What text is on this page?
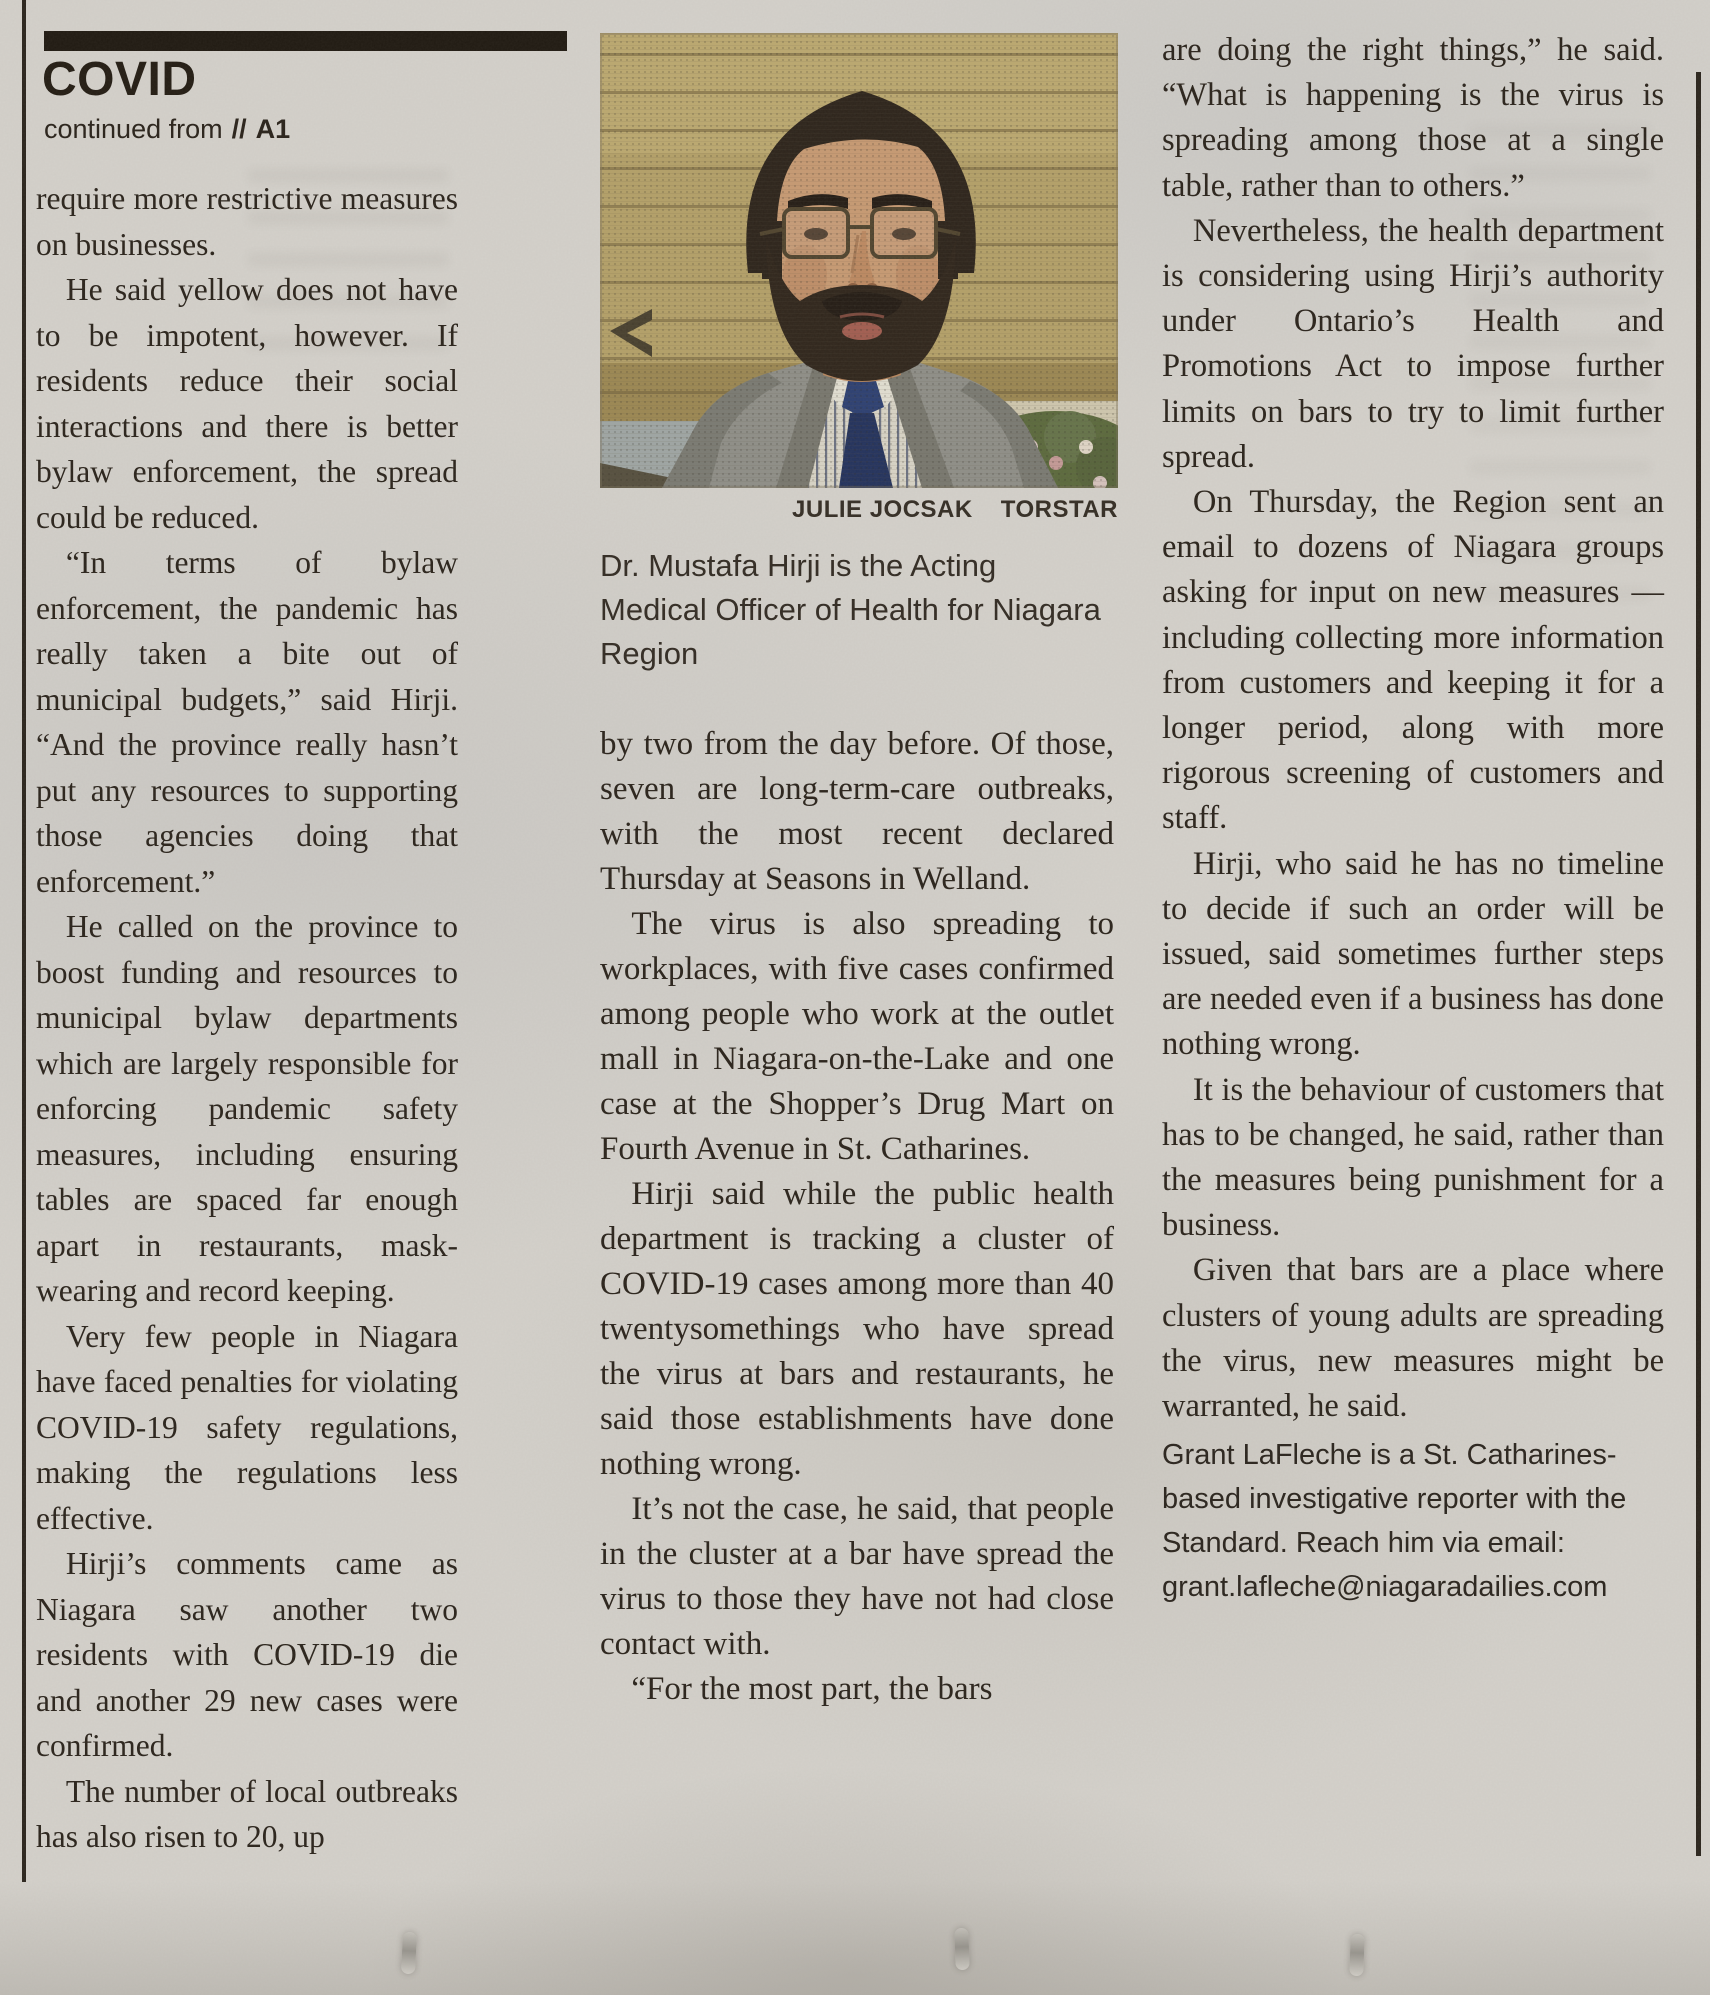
COVID
continued from // A1

require more restrictive measures on businesses.

He said yellow does not have to be impotent, however. If residents reduce their social interactions and there is better bylaw enforcement, the spread could be reduced.

“In terms of bylaw enforcement, the pandemic has really taken a bite out of municipal budgets,” said Hirji. “And the province really hasn’t put any resources to supporting those agencies doing that enforcement.”

He called on the province to boost funding and resources to municipal bylaw departments which are largely responsible for enforcing pandemic safety measures, including ensuring tables are spaced far enough apart in restaurants, mask-wearing and record keeping.

Very few people in Niagara have faced penalties for violating COVID-19 safety regulations, making the regulations less effective.

Hirji’s comments came as Niagara saw another two residents with COVID-19 die and another 29 new cases were confirmed.

The number of local outbreaks has also risen to 20, up

JULIE JOCSAK TORSTAR
Dr. Mustafa Hirji is the Acting Medical Officer of Health for Niagara Region

by two from the day before. Of those, seven are long-term-care outbreaks, with the most recent declared Thursday at Seasons in Welland.

The virus is also spreading to workplaces, with five cases confirmed among people who work at the outlet mall in Niagara-on-the-Lake and one case at the Shopper’s Drug Mart on Fourth Avenue in St. Catharines.

Hirji said while the public health department is tracking a cluster of COVID-19 cases among more than 40 twentysomethings who have spread the virus at bars and restaurants, he said those establishments have done nothing wrong.

It’s not the case, he said, that people in the cluster at a bar have spread the virus to those they have not had close contact with.

“For the most part, the bars

are doing the right things,” he said. “What is happening is the virus is spreading among those at a single table, rather than to others.”

Nevertheless, the health department is considering using Hirji’s authority under Ontario’s Health and Promotions Act to impose further limits on bars to try to limit further spread.

On Thursday, the Region sent an email to dozens of Niagara groups asking for input on new measures — including collecting more information from customers and keeping it for a longer period, along with more rigorous screening of customers and staff.

Hirji, who said he has no timeline to decide if such an order will be issued, said sometimes further steps are needed even if a business has done nothing wrong.

It is the behaviour of customers that has to be changed, he said, rather than the measures being punishment for a business.

Given that bars are a place where clusters of young adults are spreading the virus, new measures might be warranted, he said.

Grant LaFleche is a St. Catharines-based investigative reporter with the Standard. Reach him via email: grant.lafleche@niagaradailies.com
